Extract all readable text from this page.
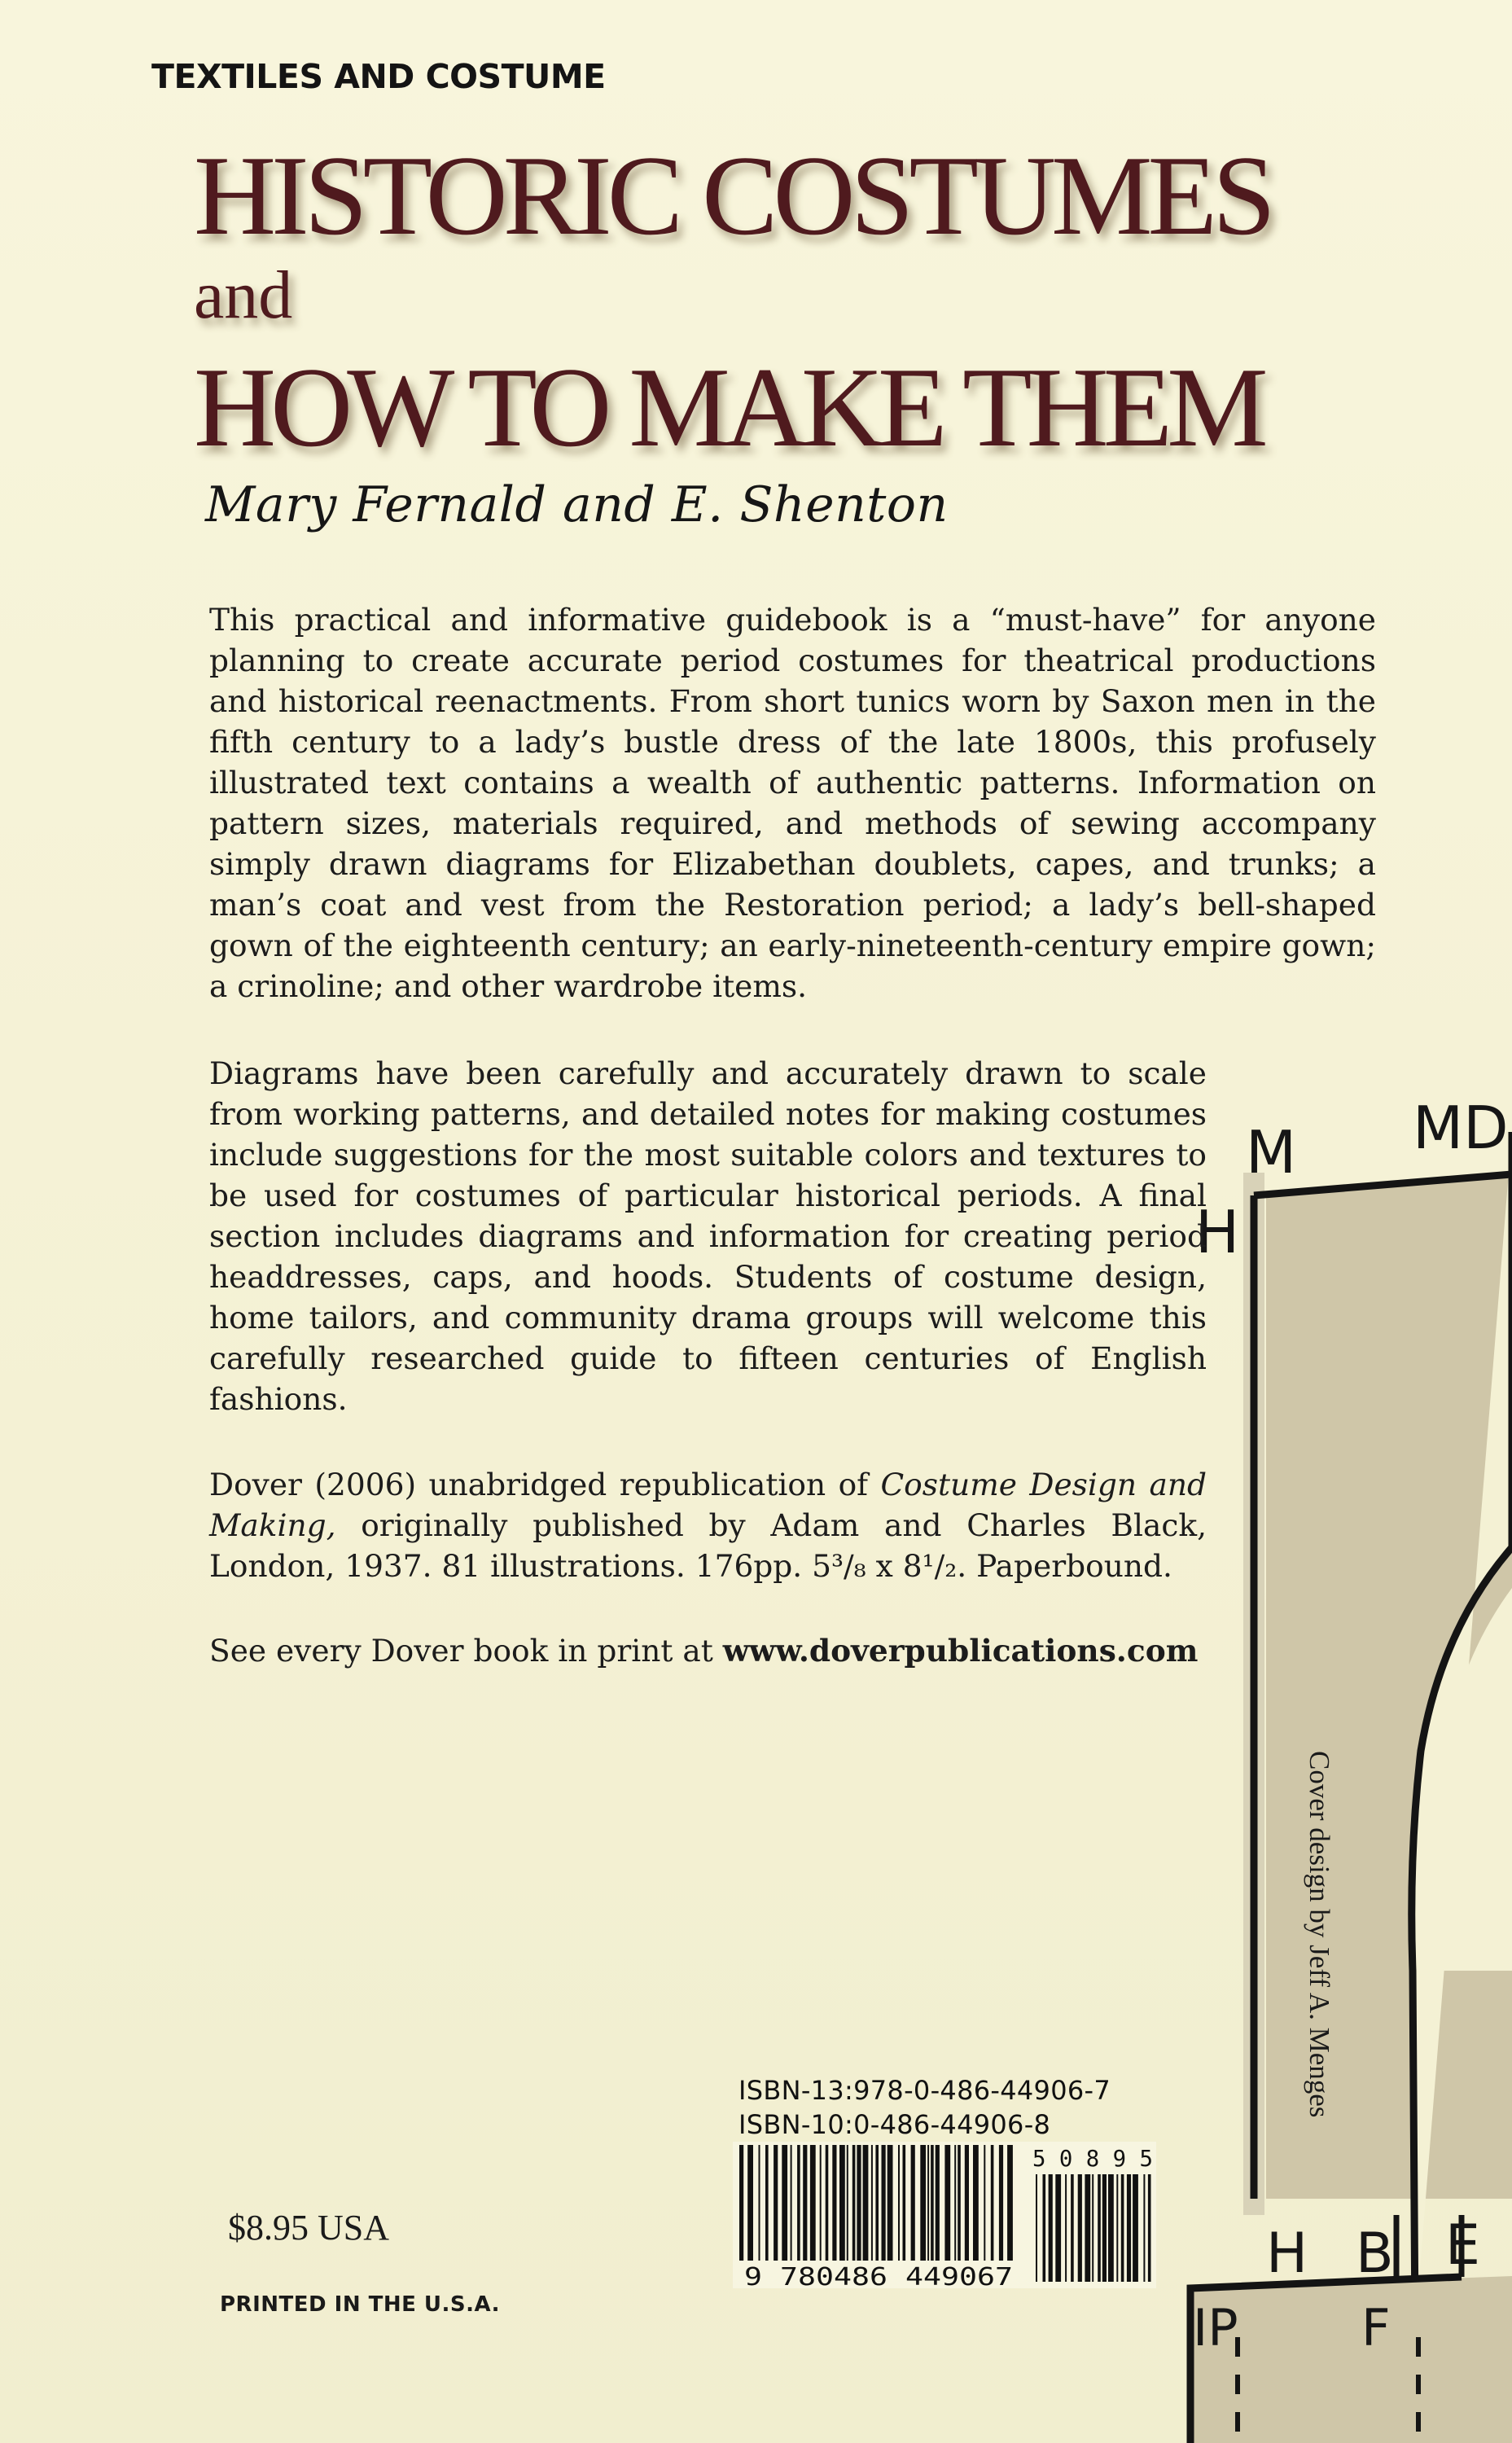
M MD
H
H B E
IP F
TEXTILES AND COSTUME
HISTORIC COSTUMES
and
HOW TO MAKE THEM
Mary Fernald and E. Shenton

This practical and informative guidebook is a “must-have” for anyone planning to create accurate period costumes for theatrical productions and historical reenactments. From short tunics worn by Saxon men in the fifth century to a lady’s bustle dress of the late 1800s, this profusely illustrated text contains a wealth of authentic patterns. Information on pattern sizes, materials required, and methods of sewing accompany simply drawn diagrams for Elizabethan doublets, capes, and trunks; a man’s coat and vest from the Restoration period; a lady’s bell-shaped gown of the eighteenth century; an early-nineteenth-century empire gown; a crinoline; and other wardrobe items.

Diagrams have been carefully and accurately drawn to scale from working patterns, and detailed notes for making costumes include suggestions for the most suitable colors and textures to be used for costumes of particular historical periods. A final section includes diagrams and information for creating period headdresses, caps, and hoods. Students of costume design, home tailors, and community drama groups will welcome this carefully researched guide to fifteen centuries of English fashions.

Dover (2006) unabridged republication of Costume Design and Making, originally published by Adam and Charles Black, London, 1937. 81 illustrations. 176pp. 5³/₈ x 8¹/₂. Paperbound.

See every Dover book in print at www.doverpublications.com

$8.95 USA
PRINTED IN THE U.S.A.
ISBN-13:978-0-486-44906-7
ISBN-10:0-486-44906-8
9 780486 449067
5 0 8 9 5
Cover design by Jeff A. Menges
